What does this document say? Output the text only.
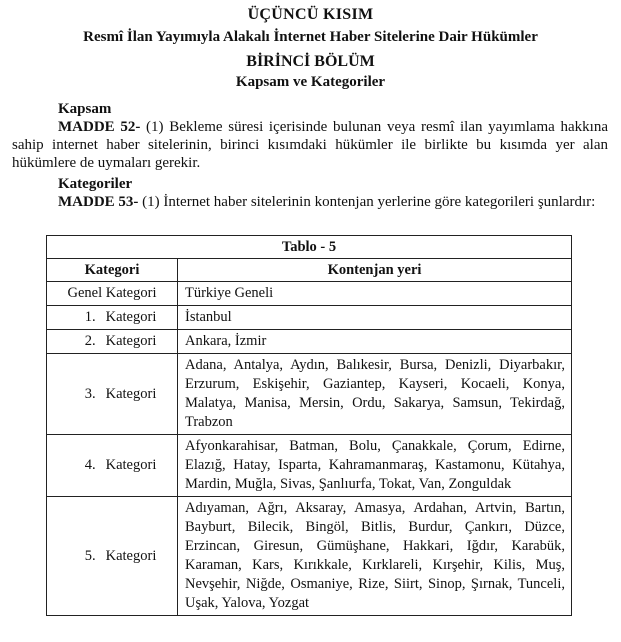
ÜÇÜNCÜ KISIM
Resmî İlan Yayımıyla Alakalı İnternet Haber Sitelerine Dair Hükümler
BİRİNCİ BÖLÜM
Kapsam ve Kategoriler
Kapsam
MADDE 52- (1) Bekleme süresi içerisinde bulunan veya resmî ilan yayımlama hakkına sahip internet haber sitelerinin, birinci kısımdaki hükümler ile birlikte bu kısımda yer alan hükümlere de uymaları gerekir.
Kategoriler
MADDE 53- (1) İnternet haber sitelerinin kontenjan yerlerine göre kategorileri şunlardır:
Tablo - 5	
Kategori	Kontenjan yeri
Genel Kategori	Türkiye Geneli
1. Kategori	İstanbul
2. Kategori	Ankara, İzmir
3. Kategori	Adana, Antalya, Aydın, Balıkesir, Bursa, Denizli, Diyarbakır, Erzurum, Eskişehir, Gaziantep, Kayseri, Kocaeli, Konya, Malatya, Manisa, Mersin, Ordu, Sakarya, Samsun, Tekirdağ, Trabzon
4. Kategori	Afyonkarahisar, Batman, Bolu, Çanakkale, Çorum, Edirne, Elazığ, Hatay, Isparta, Kahramanmaraş, Kastamonu, Kütahya, Mardin, Muğla, Sivas, Şanlıurfa, Tokat, Van, Zonguldak
5. Kategori	Adıyaman, Ağrı, Aksaray, Amasya, Ardahan, Artvin, Bartın, Bayburt, Bilecik, Bingöl, Bitlis, Burdur, Çankırı, Düzce, Erzincan, Giresun, Gümüşhane, Hakkari, Iğdır, Karabük, Karaman, Kars, Kırıkkale, Kırklareli, Kırşehir, Kilis, Muş, Nevşehir, Niğde, Osmaniye, Rize, Siirt, Sinop, Şırnak, Tunceli, Uşak, Yalova, Yozgat
